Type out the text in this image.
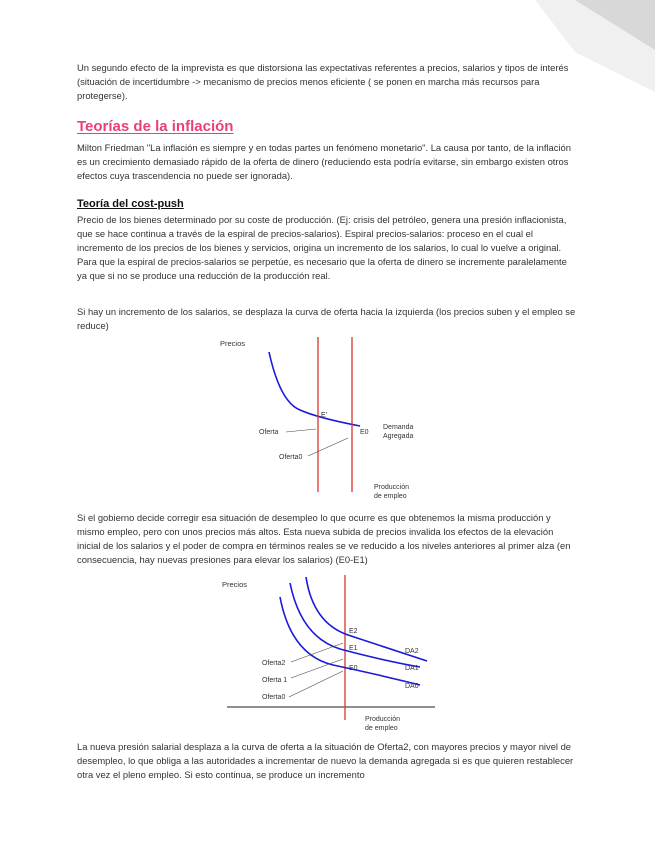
Un segundo efecto de la imprevista es que distorsiona las expectativas referentes a precios, salarios y tipos de interés (situación de incertidumbre -> mecanismo de precios menos eficiente ( se ponen en marcha más recursos para protegerse).

Teorías de la inflación

Milton Friedman "La inflación es siempre y en todas partes un fenómeno monetario". La causa por tanto, de la inflación es un crecimiento demasiado rápido de la oferta de dinero (reduciendo esta podría evitarse, sin embargo existen otros efectos cuya trascendencia no puede ser ignorada).

Teoría del cost-push

Precio de los bienes determinado por su coste de producción. (Ej: crisis del petróleo, genera una presión inflacionista, que se hace continua a través de la espiral de precios-salarios). Espiral precios-salarios: proceso en el cual el incremento de los precios de los bienes y servicios, origina un incremento de los salarios, lo cual lo vuelve a original. Para que la espiral de precios-salarios se perpetúe, es necesario que la oferta de dinero se incremente paralelamente ya que si no se produce una reducción de la producción real.

Si hay un incremento de los salarios, se desplaza la curva de oferta hacia la izquierda (los precios suben y el empleo se reduce)

Precios
E'
E0
Oferta
Oferta0
Demanda
Agregada
Producción
de empleo

Si el gobierno decide corregir esa situación de desempleo lo que ocurre es que obtenemos la misma producción y mismo empleo, pero con unos precios más altos. Esta nueva subida de precios invalida los efectos de la elevación inicial de los salarios y el poder de compra en términos reales se ve reducido a los niveles anteriores al primer alza (en consecuencia, hay nuevas presiones para elevar los salarios) (E0-E1)

Precios
E2
E1
E0
DA2
DA1
DA0
Oferta2
Oferta 1
Oferta0
Producción
de empleo

La nueva presión salarial desplaza a la curva de oferta a la situación de Oferta2, con mayores precios y mayor nivel de desempleo, lo que obliga a las autoridades a incrementar de nuevo la demanda agregada si es que quieren restablecer otra vez el pleno empleo. Si esto continua, se produce un incremento
